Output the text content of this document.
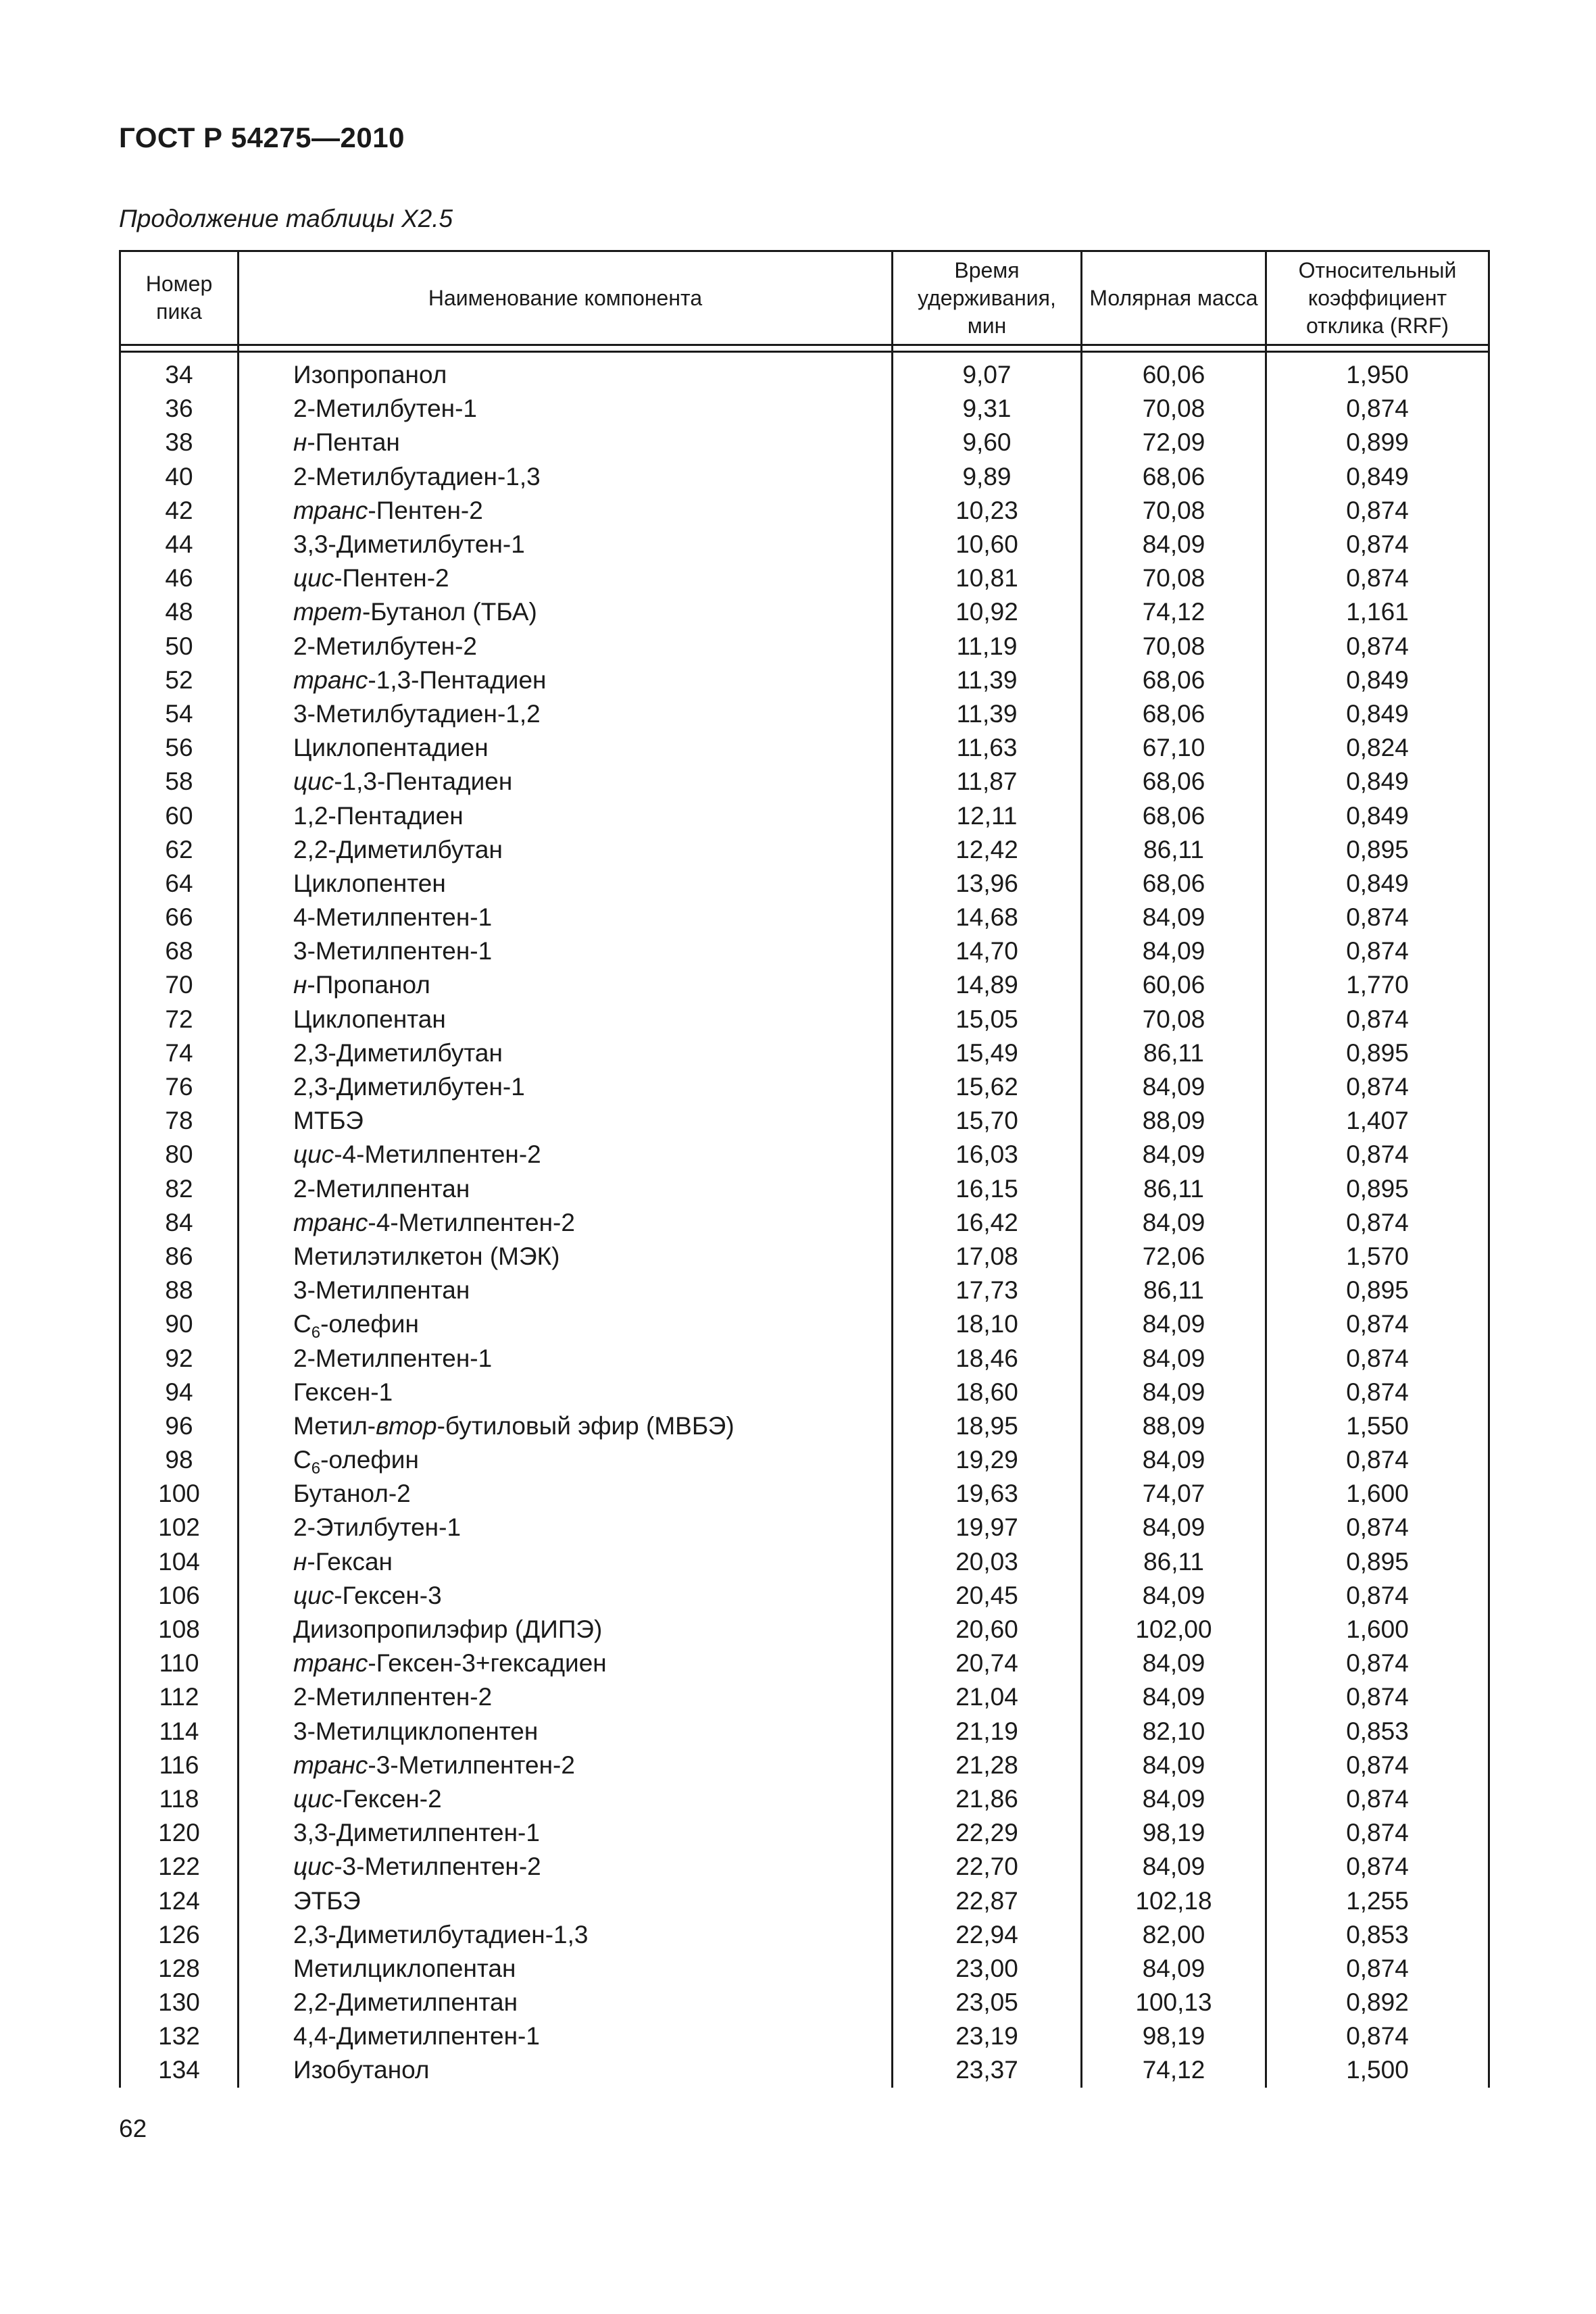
ГОСТ Р 54275—2010
Продолжение таблицы Х2.5
Номер пика	Наименование компонента	Время удерживания, мин	Молярная масса	Относительный коэффициент отклика (RRF)

34	Изопропанол	9,07	60,06	1,950
36	2-Метилбутен-1	9,31	70,08	0,874
38	н-Пентан	9,60	72,09	0,899
40	2-Метилбутадиен-1,3	9,89	68,06	0,849
42	транс-Пентен-2	10,23	70,08	0,874
44	3,3-Диметилбутен-1	10,60	84,09	0,874
46	цис-Пентен-2	10,81	70,08	0,874
48	трет-Бутанол (ТБА)	10,92	74,12	1,161
50	2-Метилбутен-2	11,19	70,08	0,874
52	транс-1,3-Пентадиен	11,39	68,06	0,849
54	3-Метилбутадиен-1,2	11,39	68,06	0,849
56	Циклопентадиен	11,63	67,10	0,824
58	цис-1,3-Пентадиен	11,87	68,06	0,849
60	1,2-Пентадиен	12,11	68,06	0,849
62	2,2-Диметилбутан	12,42	86,11	0,895
64	Циклопентен	13,96	68,06	0,849
66	4-Метилпентен-1	14,68	84,09	0,874
68	3-Метилпентен-1	14,70	84,09	0,874
70	н-Пропанол	14,89	60,06	1,770
72	Циклопентан	15,05	70,08	0,874
74	2,3-Диметилбутан	15,49	86,11	0,895
76	2,3-Диметилбутен-1	15,62	84,09	0,874
78	МТБЭ	15,70	88,09	1,407
80	цис-4-Метилпентен-2	16,03	84,09	0,874
82	2-Метилпентан	16,15	86,11	0,895
84	транс-4-Метилпентен-2	16,42	84,09	0,874
86	Метилэтилкетон (МЭК)	17,08	72,06	1,570
88	3-Метилпентан	17,73	86,11	0,895
90	$С_6$-олефин	18,10	84,09	0,874
92	2-Метилпентен-1	18,46	84,09	0,874
94	Гексен-1	18,60	84,09	0,874
96	Метил-втор-бутиловый эфир (МВБЭ)	18,95	88,09	1,550
98	$С_6$-олефин	19,29	84,09	0,874
100	Бутанол-2	19,63	74,07	1,600
102	2-Этилбутен-1	19,97	84,09	0,874
104	н-Гексан	20,03	86,11	0,895
106	цис-Гексен-3	20,45	84,09	0,874
108	Диизопропилэфир (ДИПЭ)	20,60	102,00	1,600
110	транс-Гексен-3+гексадиен	20,74	84,09	0,874
112	2-Метилпентен-2	21,04	84,09	0,874
114	3-Метилциклопентен	21,19	82,10	0,853
116	транс-3-Метилпентен-2	21,28	84,09	0,874
118	цис-Гексен-2	21,86	84,09	0,874
120	3,3-Диметилпентен-1	22,29	98,19	0,874
122	цис-3-Метилпентен-2	22,70	84,09	0,874
124	ЭТБЭ	22,87	102,18	1,255
126	2,3-Диметилбутадиен-1,3	22,94	82,00	0,853
128	Метилциклопентан	23,00	84,09	0,874
130	2,2-Диметилпентан	23,05	100,13	0,892
132	4,4-Диметилпентен-1	23,19	98,19	0,874
134	Изобутанол	23,37	74,12	1,500
62
